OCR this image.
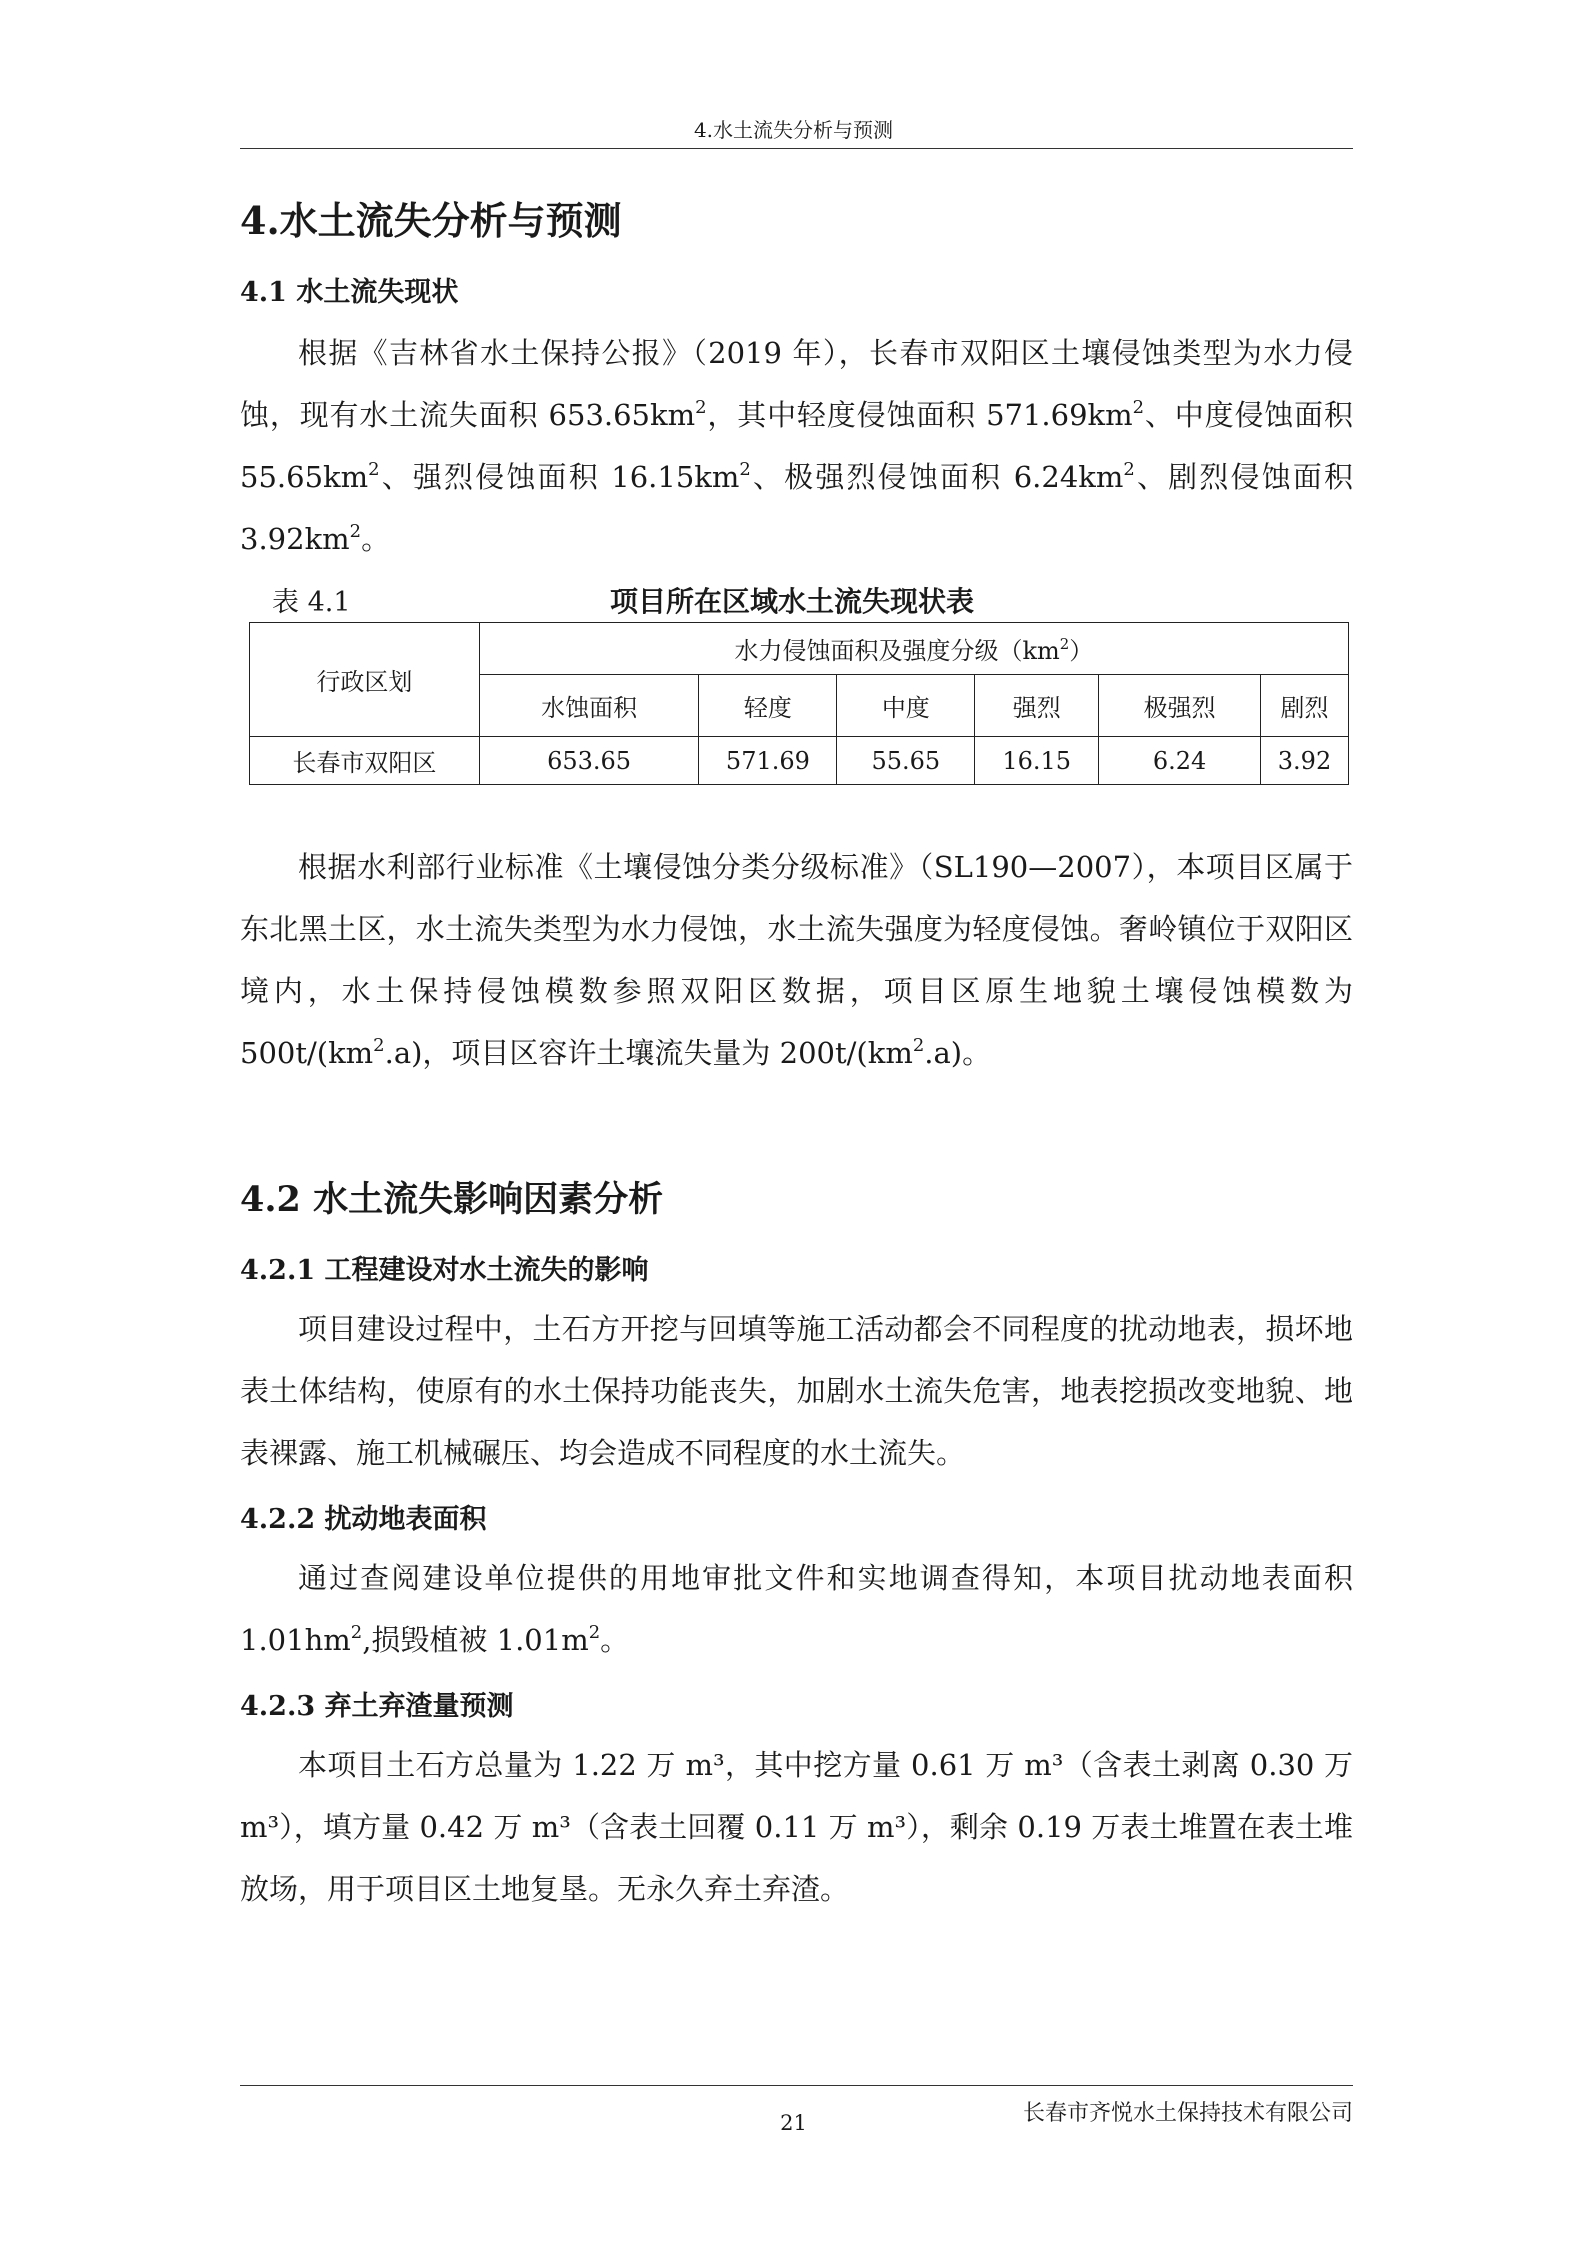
4.水土流失分析与预测
4.水土流失分析与预测
4.1 水土流失现状

根据《吉林省水土保持公报》（2019 年），长春市双阳区土壤侵蚀类型为水力侵蚀，现有水土流失面积 $653.65km^2$，其中轻度侵蚀面积 $571.69km^2$、中度侵蚀面积 $55.65km^2$、强烈侵蚀面积 $16.15km^2$、极强烈侵蚀面积 $6.24km^2$、剧烈侵蚀面积 $3.92km^2$。

表 4.1	项目所在区域水土流失现状表
行政区划	水力侵蚀面积及强度分级$(km^2)$					
	水蚀面积	轻度	中度	强烈	极强烈	剧烈
长春市双阳区	653.65	571.69	55.65	16.15	6.24	3.92

根据水利部行业标准《土壤侵蚀分类分级标准》（SL190—2007），本项目区属于东北黑土区，水土流失类型为水力侵蚀，水土流失强度为轻度侵蚀。奢岭镇位于双阳区境内，水土保持侵蚀模数参照双阳区数据，项目区原生地貌土壤侵蚀模数为 $500t/(km^2.a)$，项目区容许土壤流失量为 $200t/(km^2.a)$。

4.2 水土流失影响因素分析
4.2.1 工程建设对水土流失的影响

项目建设过程中，土石方开挖与回填等施工活动都会不同程度的扰动地表，损坏地表土体结构，使原有的水土保持功能丧失，加剧水土流失危害，地表挖损改变地貌、地表裸露、施工机械碾压、均会造成不同程度的水土流失。

4.2.2 扰动地表面积

通过查阅建设单位提供的用地审批文件和实地调查得知，本项目扰动地表面积 $1.01hm^2$,损毁植被 $1.01m^2$。

4.2.3 弃土弃渣量预测

本项目土石方总量为 1.22 万 m³，其中挖方量 0.61 万 m³（含表土剥离 0.30 万 m³），填方量 0.42 万 m³（含表土回覆 0.11 万 m³），剩余 0.19 万表土堆置在表土堆放场，用于项目区土地复垦。无永久弃土弃渣。

长春市齐悦水土保持技术有限公司
21
